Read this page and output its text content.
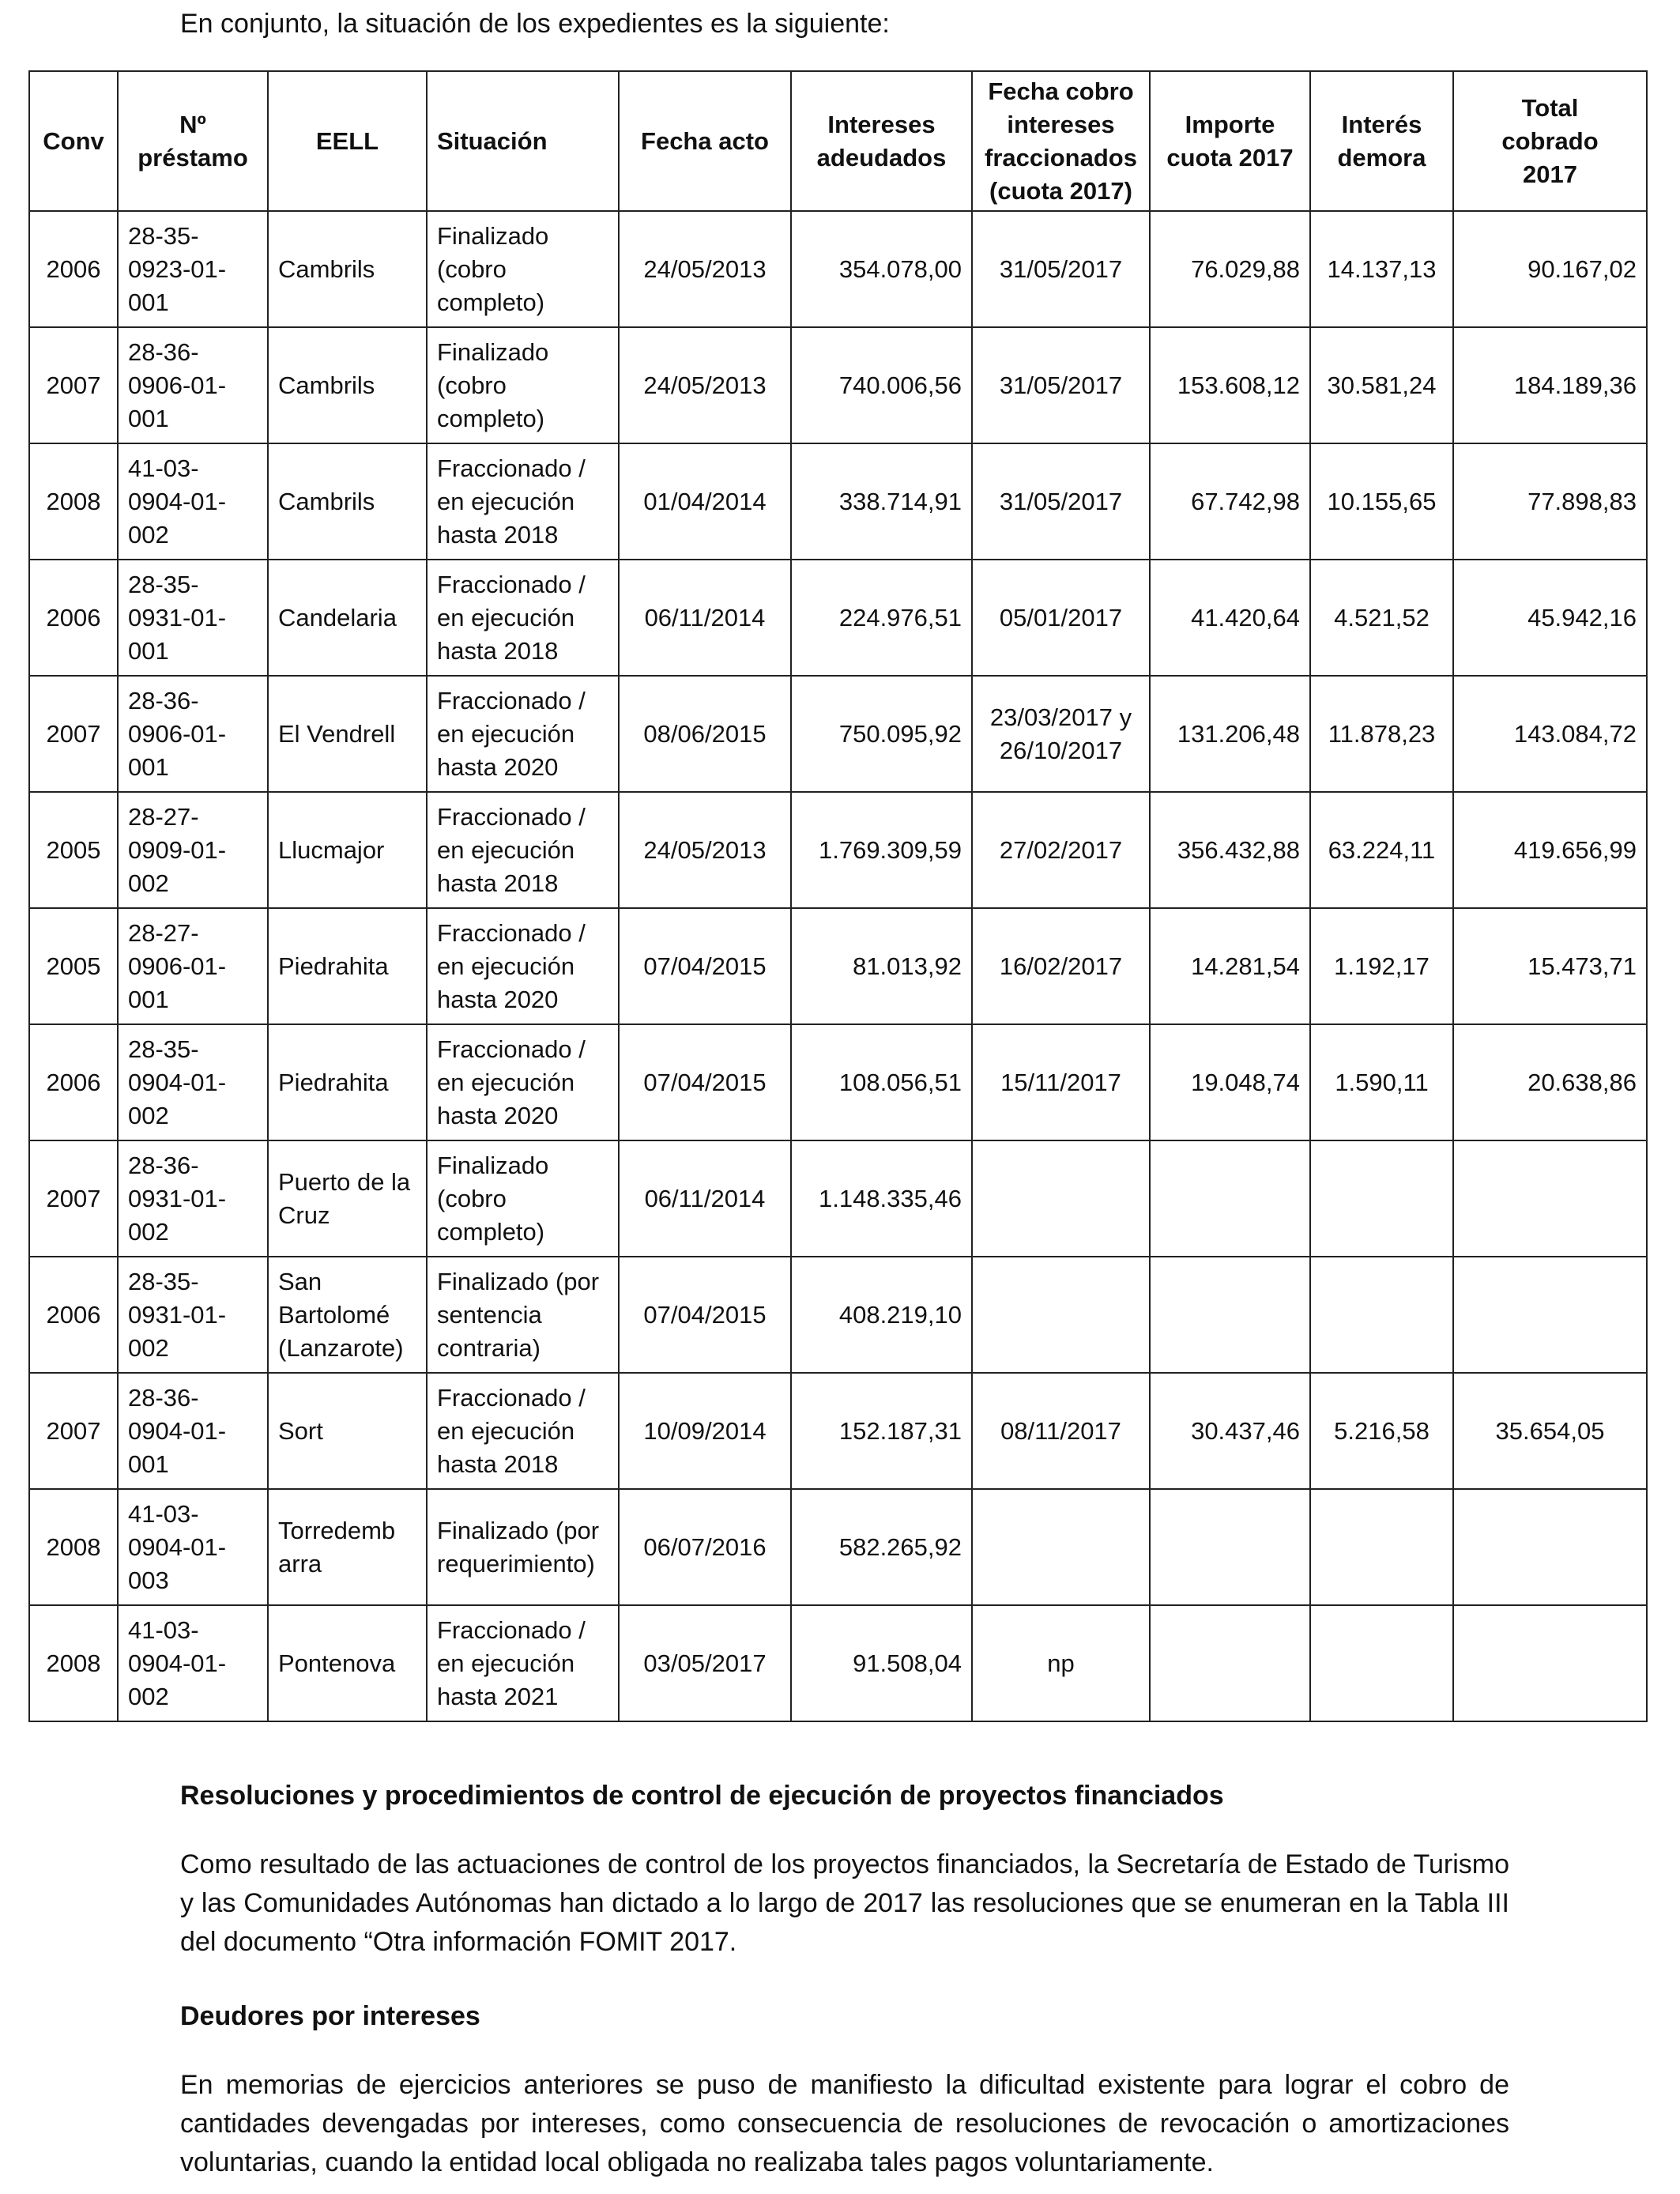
En conjunto, la situación de los expedientes es la siguiente:
Conv	Nº
préstamo	EELL	Situación	Fecha acto	Intereses
adeudados	Fecha cobro
intereses
fraccionados
(cuota 2017)	Importe
cuota 2017	Interés
demora	Total
cobrado
2017
2006	28-35-
0923-01-
001	Cambrils	Finalizado
(cobro
completo)	24/05/2013	354.078,00	31/05/2017	76.029,88	14.137,13	90.167,02
2007	28-36-
0906-01-
001	Cambrils	Finalizado
(cobro
completo)	24/05/2013	740.006,56	31/05/2017	153.608,12	30.581,24	184.189,36
2008	41-03-
0904-01-
002	Cambrils	Fraccionado /
en ejecución
hasta 2018	01/04/2014	338.714,91	31/05/2017	67.742,98	10.155,65	77.898,83
2006	28-35-
0931-01-
001	Candelaria	Fraccionado /
en ejecución
hasta 2018	06/11/2014	224.976,51	05/01/2017	41.420,64	4.521,52	45.942,16
2007	28-36-
0906-01-
001	El Vendrell	Fraccionado /
en ejecución
hasta 2020	08/06/2015	750.095,92	23/03/2017 y
26/10/2017	131.206,48	11.878,23	143.084,72
2005	28-27-
0909-01-
002	Llucmajor	Fraccionado /
en ejecución
hasta 2018	24/05/2013	1.769.309,59	27/02/2017	356.432,88	63.224,11	419.656,99
2005	28-27-
0906-01-
001	Piedrahita	Fraccionado /
en ejecución
hasta 2020	07/04/2015	81.013,92	16/02/2017	14.281,54	1.192,17	15.473,71
2006	28-35-
0904-01-
002	Piedrahita	Fraccionado /
en ejecución
hasta 2020	07/04/2015	108.056,51	15/11/2017	19.048,74	1.590,11	20.638,86
2007	28-36-
0931-01-
002	Puerto de la
Cruz	Finalizado
(cobro
completo)	06/11/2014	1.148.335,46				
2006	28-35-
0931-01-
002	San
Bartolomé
(Lanzarote)	Finalizado (por
sentencia
contraria)	07/04/2015	408.219,10				
2007	28-36-
0904-01-
001	Sort	Fraccionado /
en ejecución
hasta 2018	10/09/2014	152.187,31	08/11/2017	30.437,46	5.216,58	35.654,05
2008	41-03-
0904-01-
003	Torredemb
arra	Finalizado (por
requerimiento)	06/07/2016	582.265,92				
2008	41-03-
0904-01-
002	Pontenova	Fraccionado /
en ejecución
hasta 2021	03/05/2017	91.508,04	np			
Resoluciones y procedimientos de control de ejecución de proyectos financiados

Como resultado de las actuaciones de control de los proyectos financiados, la Secretaría de Estado de Turismo y las Comunidades Autónomas han dictado a lo largo de 2017 las resoluciones que se enumeran en la Tabla III del documento “Otra información FOMIT 2017.

Deudores por intereses

En memorias de ejercicios anteriores se puso de manifiesto la dificultad existente para lograr el cobro de cantidades devengadas por intereses, como consecuencia de resoluciones de revocación o amortizaciones voluntarias, cuando la entidad local obligada no realizaba tales pagos voluntariamente.
